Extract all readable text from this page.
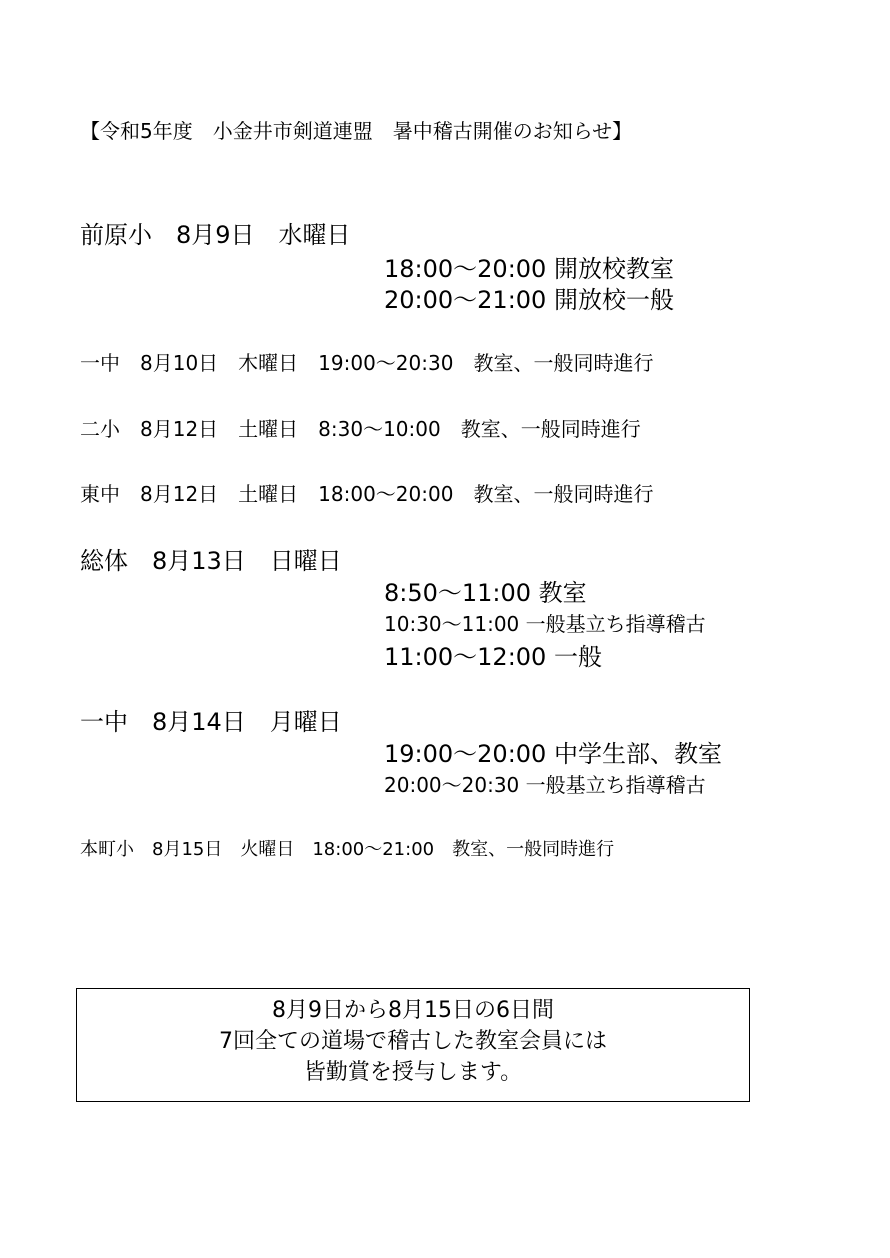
【令和5年度　小金井市剣道連盟　暑中稽古開催のお知らせ】
前原小　8月9日　水曜日
18:00〜20:00 開放校教室
20:00〜21:00 開放校一般
一中　8月10日　木曜日　19:00〜20:30　教室、一般同時進行
二小　8月12日　土曜日　8:30〜10:00　教室、一般同時進行
東中　8月12日　土曜日　18:00〜20:00　教室、一般同時進行
総体　8月13日　日曜日
8:50〜11:00 教室
10:30〜11:00 一般基立ち指導稽古
11:00〜12:00 一般
一中　8月14日　月曜日
19:00〜20:00 中学生部、教室
20:00〜20:30 一般基立ち指導稽古
本町小　8月15日　火曜日　18:00〜21:00　教室、一般同時進行
8月9日から8月15日の6日間
7回全ての道場で稽古した教室会員には
皆勤賞を授与します。
